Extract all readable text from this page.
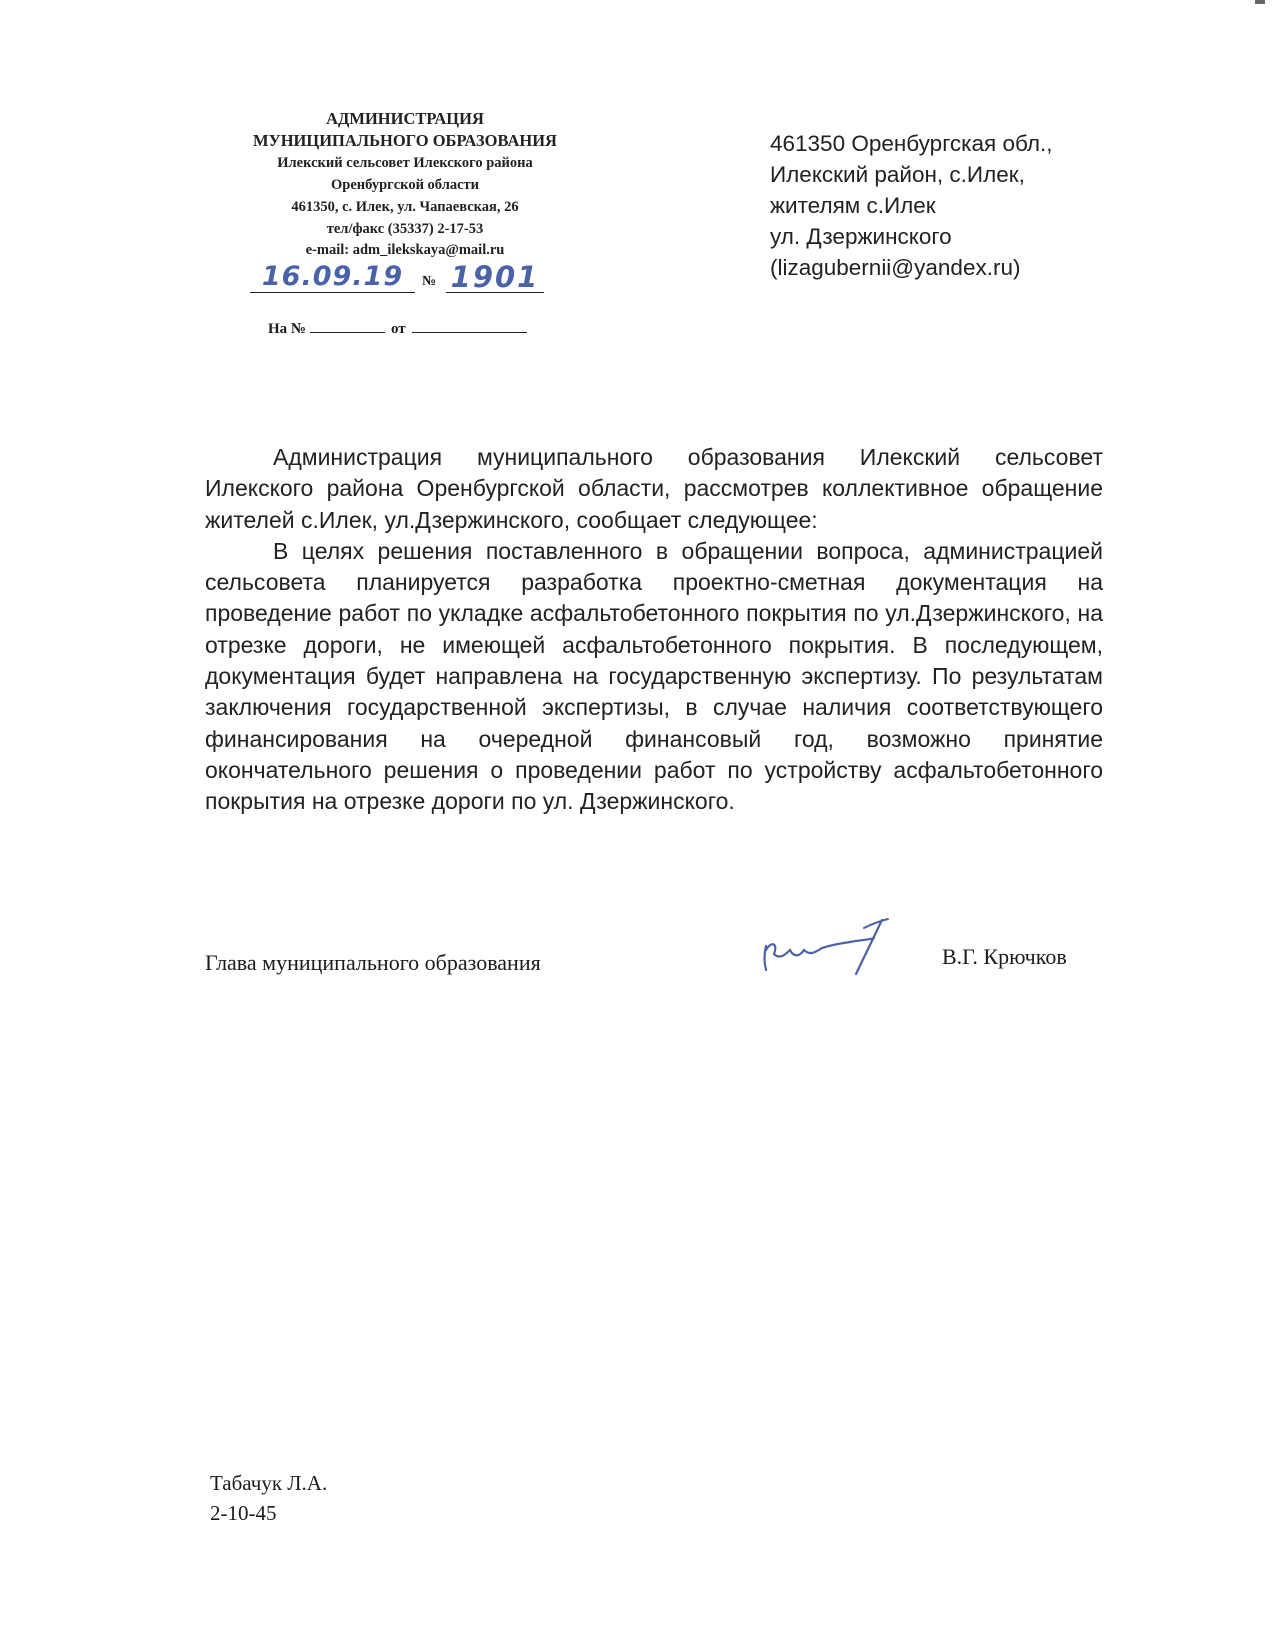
АДМИНИСТРАЦИЯ
МУНИЦИПАЛЬНОГО ОБРАЗОВАНИЯ
Илекский сельсовет Илекского района
Оренбургской области
461350, с. Илек, ул. Чапаевская, 26
тел/факс (35337) 2-17-53
e-mail: adm_ilekskaya@mail.ru
16.09.19	№ 1901
На №	от
461350 Оренбургская обл.,
Илекский район, с.Илек,
жителям с.Илек
ул. Дзержинского
(lizagubernii@yandex.ru)

Администрация муниципального образования Илекский сельсовет Илекского района Оренбургской области, рассмотрев коллективное обращение жителей с.Илек, ул.Дзержинского, сообщает следующее:

В целях решения поставленного в обращении вопроса, администрацией сельсовета планируется разработка проектно-сметная документация на проведение работ по укладке асфальтобетонного покрытия по ул.Дзержинского, на отрезке дороги, не имеющей асфальтобетонного покрытия. В последующем, документация будет направлена на государственную экспертизу. По результатам заключения государственной экспертизы, в случае наличия соответствующего финансирования на очередной финансовый год, возможно принятие окончательного решения о проведении работ по устройству асфальтобетонного покрытия на отрезке дороги по ул. Дзержинского.

Глава муниципального образования	В.Г. Крючков
Табачук Л.А.
2-10-45
